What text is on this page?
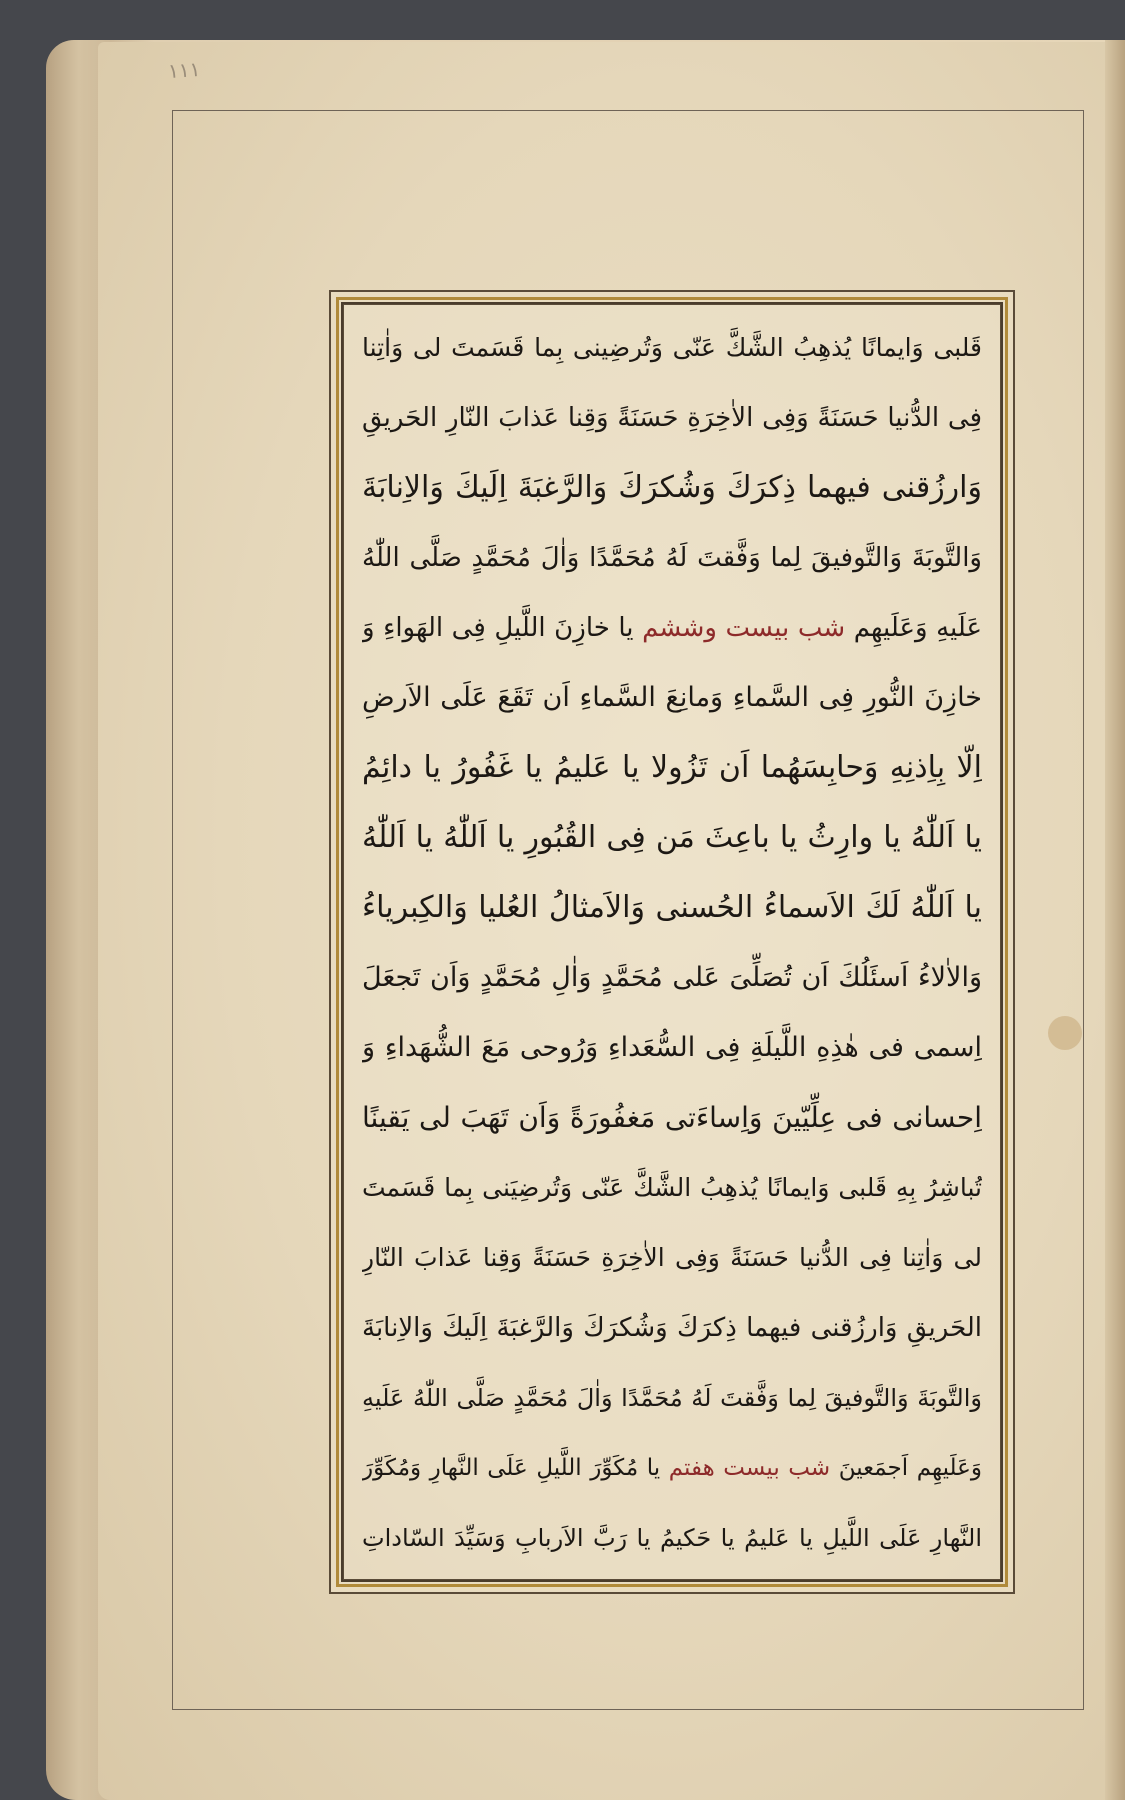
١١١
قَلبی وَایمانًا یُذهِبُ الشَّكَّ عَنّی وَتُرضِینی بِما قَسَمتَ لی وَاٰتِنا
فِی الدُّنیا حَسَنَةً وَفِی الاٰخِرَةِ حَسَنَةً وَقِنا عَذابَ النّارِ الحَریقِ
وَارزُقنی فیهما ذِكرَكَ وَشُكرَكَ وَالرَّغبَةَ اِلَیكَ وَالاِنابَةَ
وَالتَّوبَةَ وَالتَّوفیقَ لِما وَفَّقتَ لَهُ مُحَمَّدًا وَاٰلَ مُحَمَّدٍ صَلَّی اللّٰهُ
عَلَیهِ وَعَلَیهِم شب بیست وششم یا خازِنَ اللَّیلِ فِی الهَواءِ وَ
خازِنَ النُّورِ فِی السَّماءِ وَمانِعَ السَّماءِ اَن تَقَعَ عَلَی الاَرضِ
اِلّا بِاِذنِهِ وَحابِسَهُما اَن تَزُولا یا عَلیمُ یا غَفُورُ یا دائِمُ
یا اَللّٰهُ یا وارِثُ یا باعِثَ مَن فِی القُبُورِ یا اَللّٰهُ یا اَللّٰهُ
یا اَللّٰهُ لَكَ الاَسماءُ الحُسنی وَالاَمثالُ العُلیا وَالكِبریاءُ
وَالاٰلاءُ اَسئَلُكَ اَن تُصَلِّیَ عَلی مُحَمَّدٍ وَاٰلِ مُحَمَّدٍ وَاَن تَجعَلَ
اِسمی فی هٰذِهِ اللَّیلَةِ فِی السُّعَداءِ وَرُوحی مَعَ الشُّهَداءِ وَ
اِحسانی فی عِلِّیّینَ وَاِساءَتی مَغفُورَةً وَاَن تَهَبَ لی یَقینًا
تُباشِرُ بِهِ قَلبی وَایمانًا یُذهِبُ الشَّكَّ عَنّی وَتُرضِیَنی بِما قَسَمتَ
لی وَاٰتِنا فِی الدُّنیا حَسَنَةً وَفِی الاٰخِرَةِ حَسَنَةً وَقِنا عَذابَ النّارِ
الحَریقِ وَارزُقنی فیهما ذِكرَكَ وَشُكرَكَ وَالرَّغبَةَ اِلَیكَ وَالاِنابَةَ
وَالتَّوبَةَ وَالتَّوفیقَ لِما وَفَّقتَ لَهُ مُحَمَّدًا وَاٰلَ مُحَمَّدٍ صَلَّی اللّٰهُ عَلَیهِ
وَعَلَیهِم اَجمَعینَ شب بیست هفتم یا مُكَوِّرَ اللَّیلِ عَلَی النَّهارِ وَمُكَوِّرَ
النَّهارِ عَلَی اللَّیلِ یا عَلیمُ یا حَكیمُ یا رَبَّ الاَربابِ وَسَیِّدَ السّاداتِ
